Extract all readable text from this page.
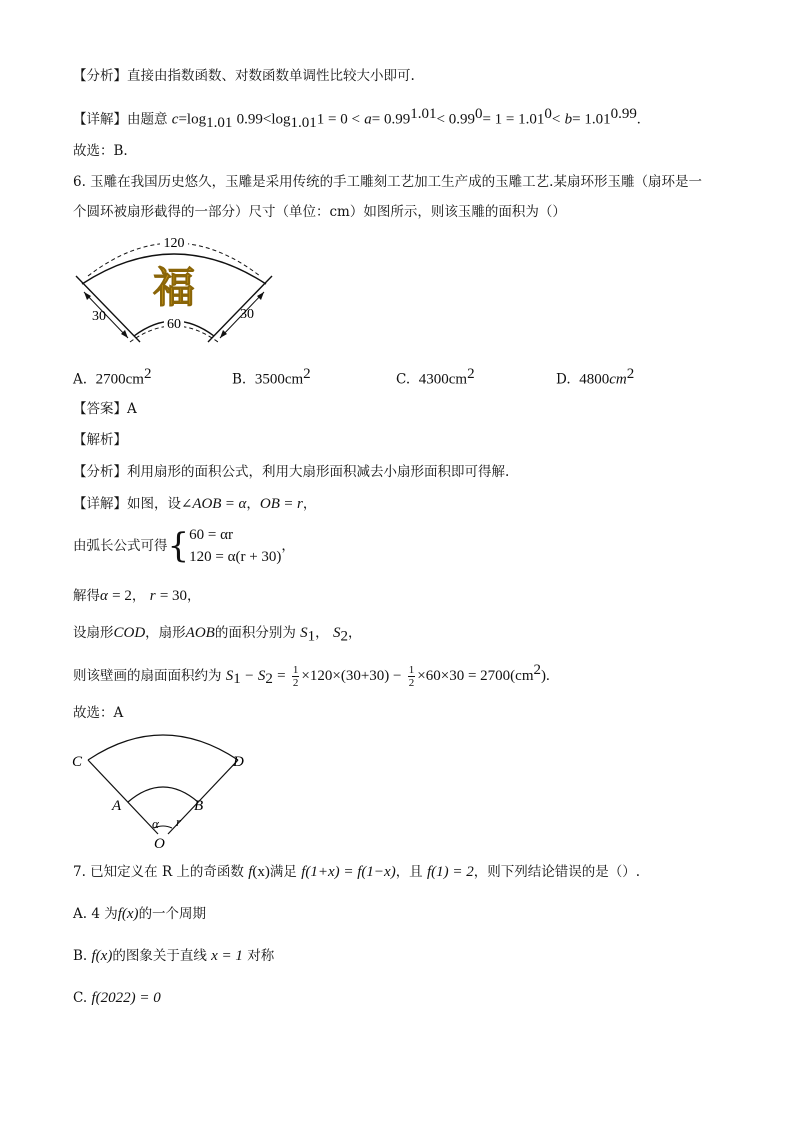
【分析】直接由指数函数、对数函数单调性比较大小即可.
【详解】由题意 $c=\log_{1.01}$ $0.99<\log_{1.01}1 = 0 < a= 0.99^{1.01}< 0.99^0= 1 = 1.01^0< b= 1.01^{0.99}$.
故选：B.
6. 玉雕在我国历史悠久，玉雕是采用传统的手工雕刻工艺加工生产成的玉雕工艺.某扇环形玉雕（扇环是一
个圆环被扇形截得的一部分）尺寸（单位：cm）如图所示，则该玉雕的面积为（）
120
60
30	30
福
A. $2700cm^2$	B. $3500cm^2$	C. $4300cm^2$	D. $4800cm^2$
【答案】A
【解析】
【分析】利用扇形的面积公式，利用大扇形面积减去小扇形面积即可得解.
【详解】如图，设∠AOB = α，OB = r，
由弧长公式可得{ 60 = αr
120 = α(r + 30)
，
解得α = 2， r = 30，
设扇形COD，扇形AOB的面积分别为 $S_1$， $S_2$，
则该壁画的扇面面积约为 $S_1 - S_2 = \frac{1}{2} \times 120\times(30+30) - \frac{1}{2} \times 60\times 30 = 2700(cm^2)$.
故选：A
C	D
A	B
O
α r
7. 已知定义在 R 上的奇函数 f(x)满足 f(1+x) = f(1−x)，且 f(1) = 2，则下列结论错误的是（）.
A. 4 为f(x)的一个周期
B. f(x)的图象关于直线 x = 1 对称
C. f(2022) = 0
